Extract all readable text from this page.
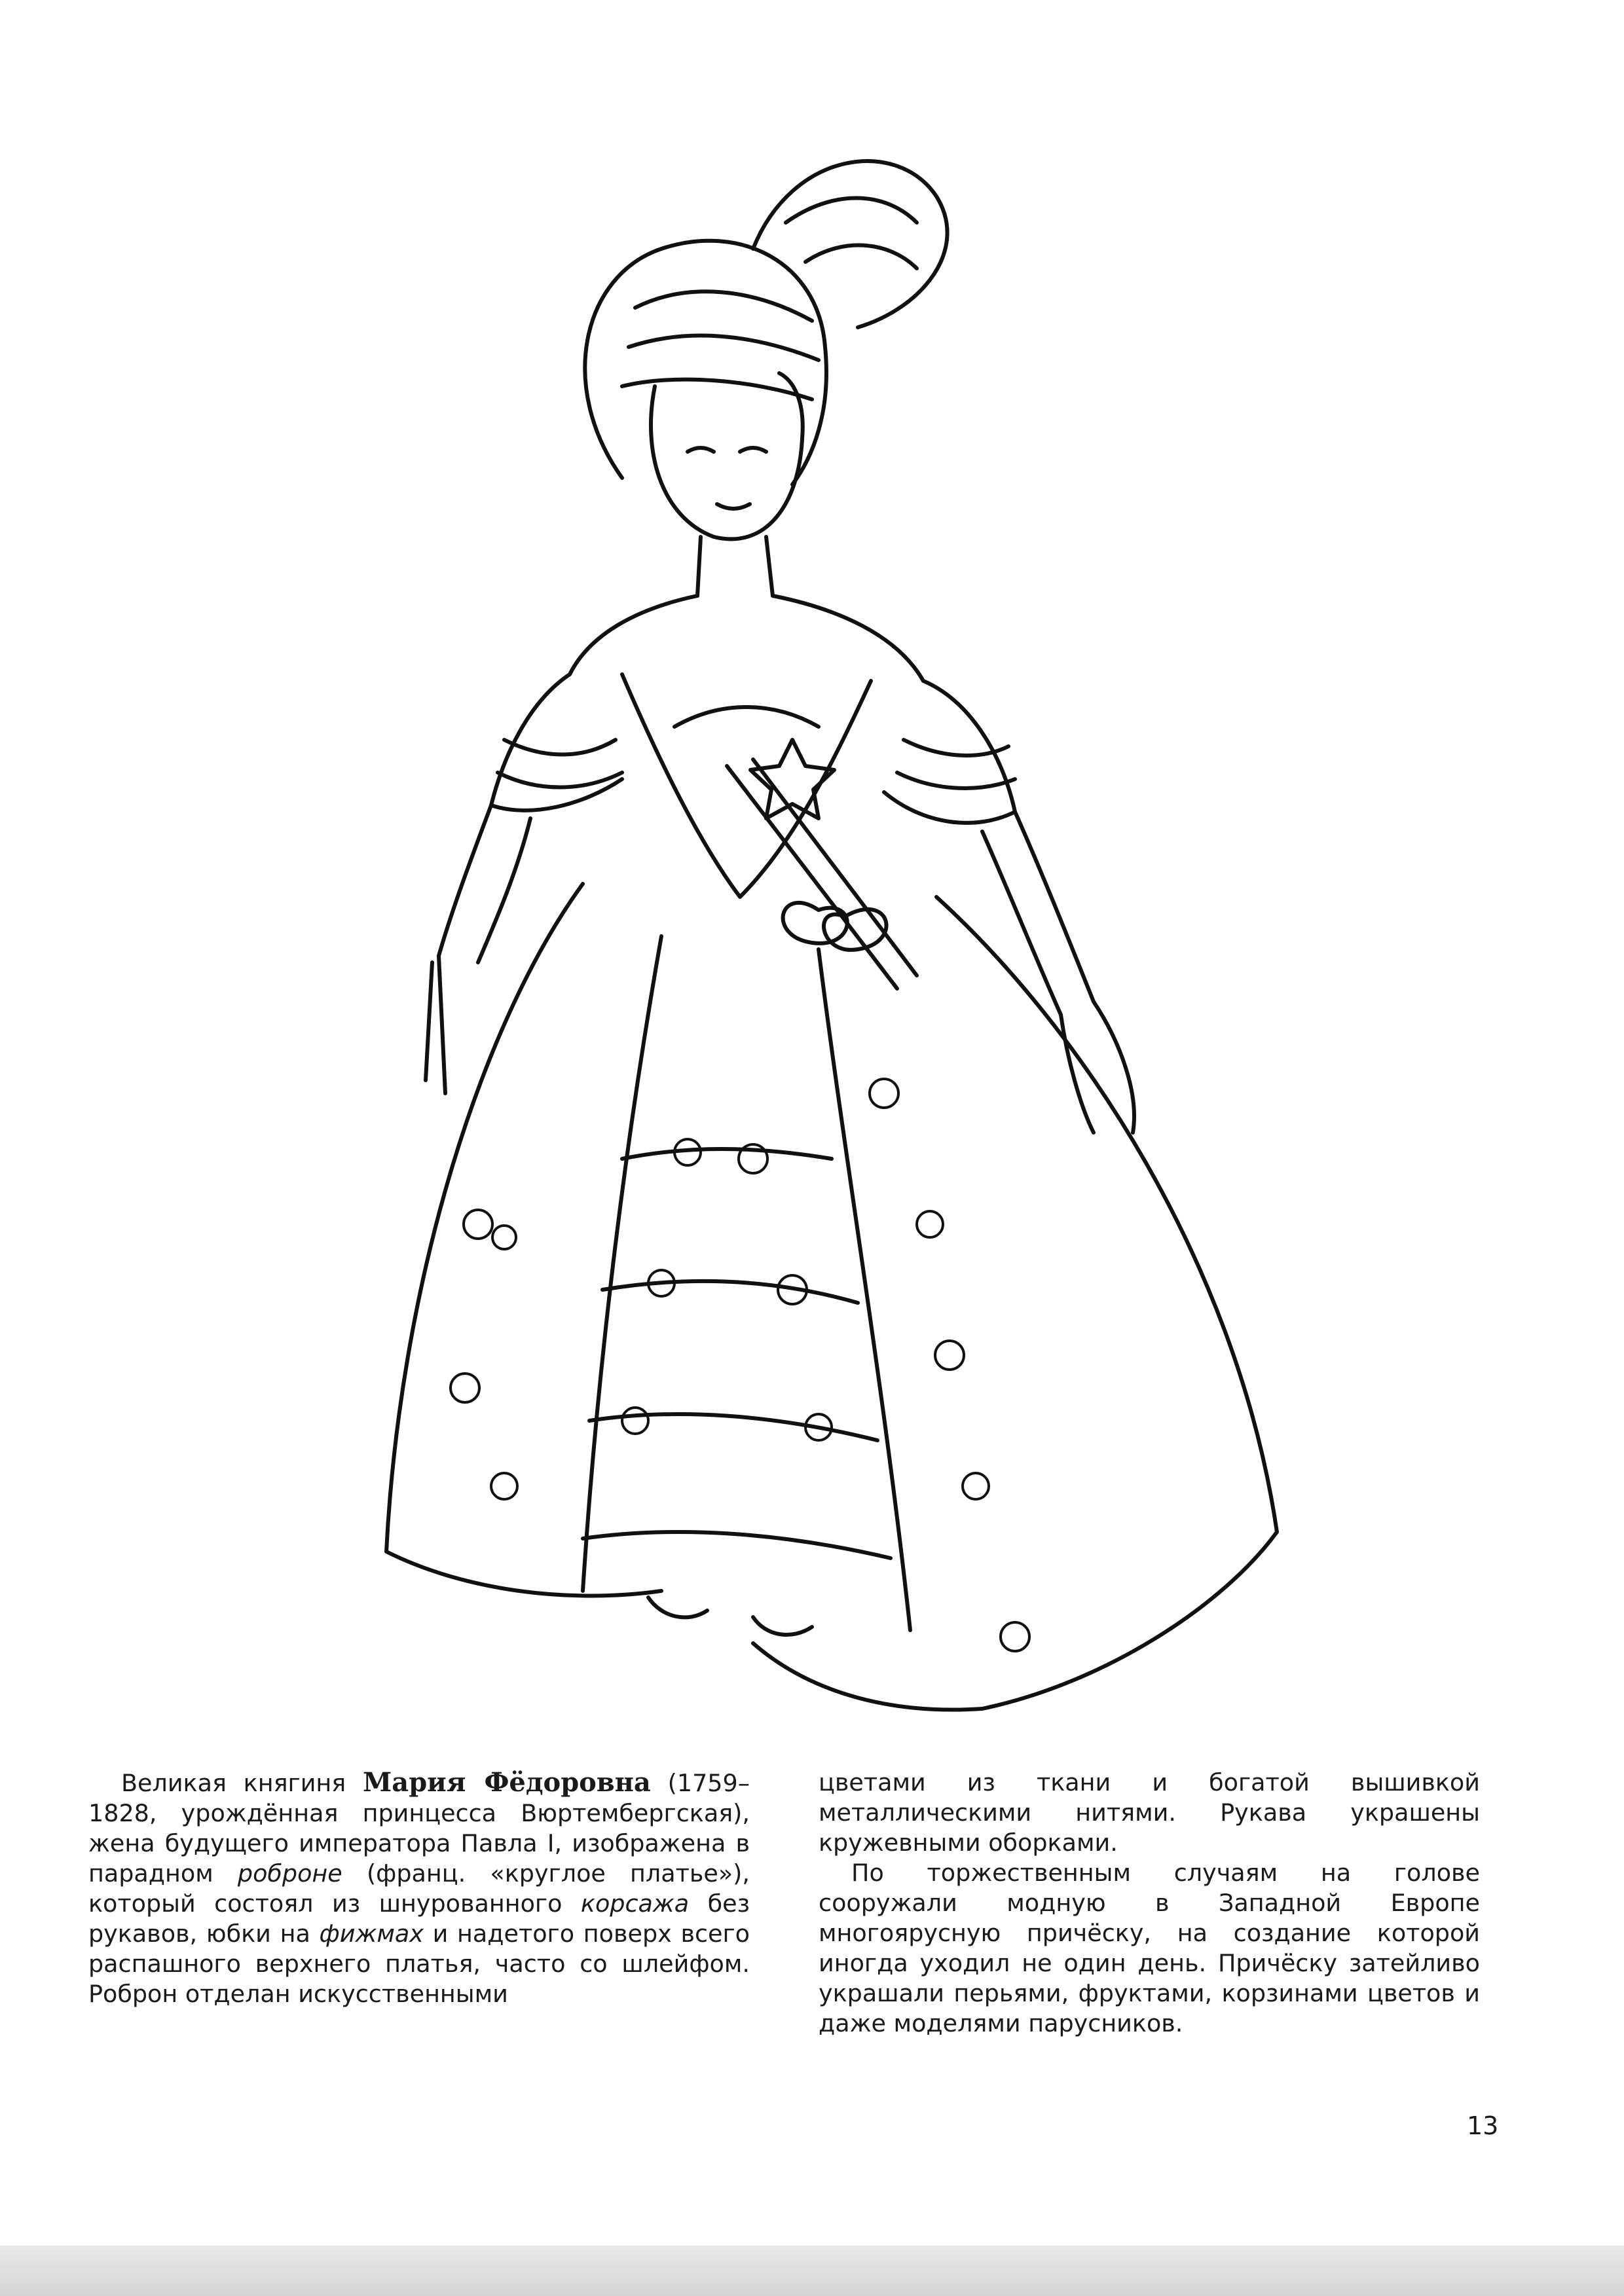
Великая княгиня Мария Фёдоровна (1759–1828, урождённая принцесса Вюртембергская), жена будущего императора Павла I, изображена в парадном роброне (франц. «круглое платье»), который состоял из шнурованного корсажа без рукавов, юбки на фижмах и надетого поверх всего распашного верхнего платья, часто со шлейфом. Роброн отделан искусственными

цветами из ткани и богатой вышивкой металлическими нитями. Рукава украшены кружевными оборками.

По торжественным случаям на голове сооружали модную в Западной Европе многоярусную причёску, на создание которой иногда уходил не один день. Причёску затейливо украшали перьями, фруктами, корзинами цветов и даже моделями парусников.

13
